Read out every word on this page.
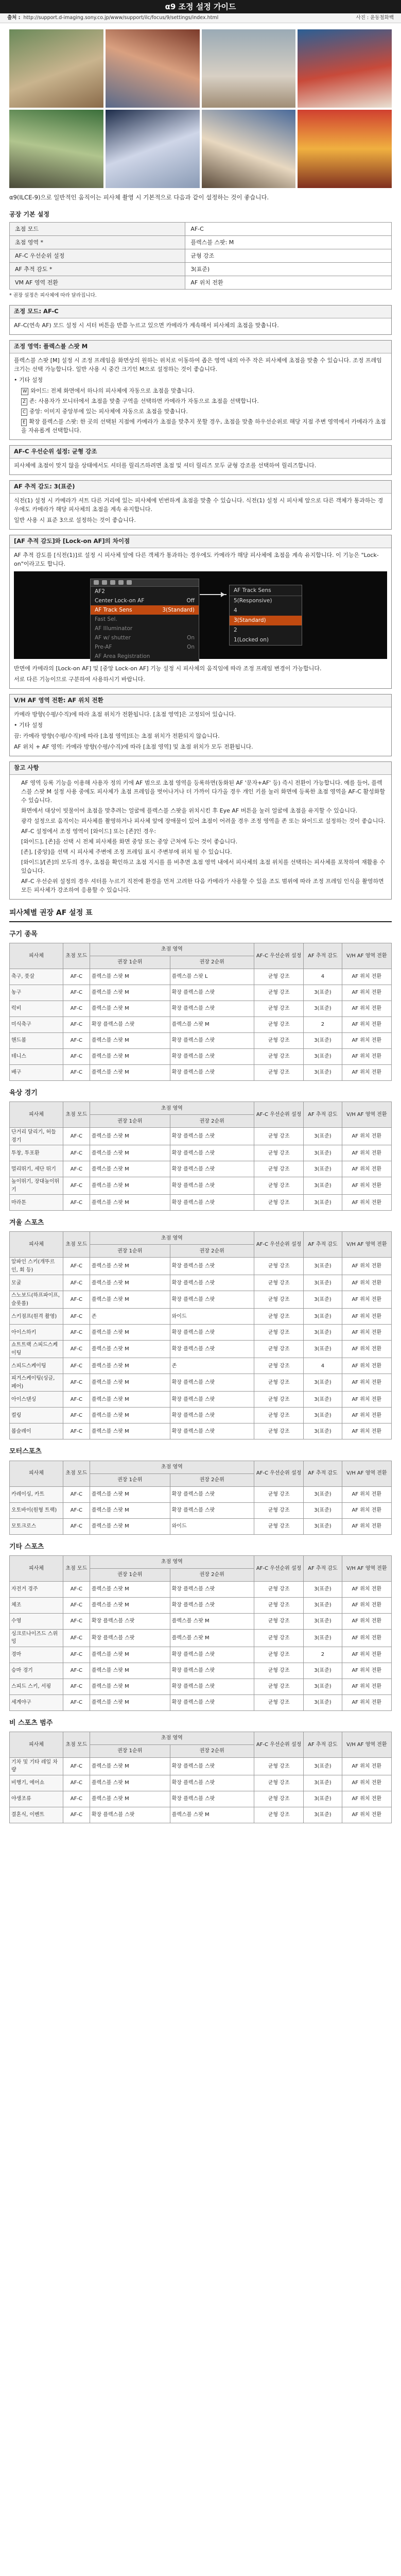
α9 조정 설정 가이드
출처 : http://support.d-imaging.sony.co.jp/www/support/ilc/focus/9/settings/index.html	사진 : 윤동철화백
α9(ILCE-9)으로 일반적인 움직이는 피사체 촬영 시 기본적으로 다음과 같이 설정하는 것이 좋습니다.
공장 기본 설정
초점 모드	AF-C
초점 영역 *	플렉스블 스팟: M
AF-C 우선순위 설정	균형 강조
AF 추적 감도 *	3(표준)
VM AF 영역 전환	AF 위치 전환
* 권장 설정은 피사체에 따라 달라집니다.
조정 모드: AF-C

AF-C(연속 AF) 모드 설정 시 셔터 버튼을 반쯤 누르고 있으면 카메라가 계속해서 피사체의 초점을 맞춥니다.

조정 영역: 플렉스블 스팟 M

플렉스블 스팟 [M] 설정 시 조정 프레임을 화면상의 원하는 위치로 이동하여 좁은 영역 내의 아주 작은 피사체에 초점을 맞출 수 있습니다. 조정 프레임 크기는 선택 가능합니다. 일반 사용 시 중간 크기인 M으로 설정하는 것이 좋습니다.

• 기타 설정

W 와이드: 전체 화면에서 하나의 피사체에 자동으로 초점을 맞춥니다.
Z 존: 사용자가 모니터에서 초점을 맞출 구역을 선택하면 카메라가 자동으로 초점을 선택합니다.
C 중앙: 이미지 중앙부에 있는 피사체에 자동으로 초점을 맞춥니다.
E 확장 플렉스블 스팟: 한 곳의 선택된 지점에 카메라가 초점을 맞추지 못할 경우, 초점을 맞출 하우선순위로 해당 지점 주변 영역에서 카메라가 초점을 자유롭게 선택합니다.
AF-C 우선순위 설정: 균형 강조

피사체에 초점이 맞지 않을 상태에서도 셔터를 릴리즈하려면 초점 및 셔터 릴리즈 모두 균형 강조를 선택하여 릴리즈합니다.

AF 추적 감도: 3(표준)

식전(1) 설정 시 카메라가 셔트 다른 거리에 있는 피사체에 빈번하게 초점을 맞출 수 있습니다. 식전(1) 설정 시 피사체 앞으로 다른 객체가 통과하는 경우에도 카메라가 해당 피사체의 초점을 계속 유지합니다.

일반 사용 시 표준 3으로 설정하는 것이 좋습니다.

[AF 추적 감도]와 [Lock-on AF]의 차이점

AF 추적 감도를 [식전(1)]로 설정 시 피사체 앞에 다른 객체가 통과하는 경우에도 카메라가 해당 피사체에 초점을 계속 유지합니다. 이 기능은 "Lock-on"이라고도 합니다.

AF2
Center Lock-on AF	Off
AF Track Sens	3(Standard)
Fast Sel.
AF Illuminator
AF w/ shutter	On
Pre-AF	On
AF Area Registration
AF Track Sens
5(Responsive)
4
3(Standard)
2
1(Locked on)

반면에 카메라의 [Lock-on AF] 및 [중앙 Lock-on AF] 기능 설정 시 피사체의 움직임에 따라 조정 프레임 변경이 가능합니다.

서로 다른 기능이므로 구분하여 사용하시기 바랍니다.

V/H AF 영역 전환: AF 위치 전환

카메라 방향(수평/수직)에 따라 초점 위치가 전환됩니다. [초점 영역]은 고정되어 있습니다.

• 기타 설정

끔: 카메라 방향(수평/수직)에 따라 [초점 영역]또는 초점 위치가 전환되지 않습니다.

AF 위치 + AF 영역: 카메라 방향(수평/수직)에 따라 [초점 영역] 및 초점 위치가 모두 전환됩니다.

참고 사항
AF 영역 등록 기능을 이용해 사용자 정의 키에 AF 범으로 초점 영역을 등록하면(동화된 AF '문자+AF' 등) 즉시 전환이 가능합니다. 예를 들어, 플렉스블 스팟 M 설정 사용 중에도 피사체가 초점 프레임을 벗어나거나 더 가까이 다가올 경우 개인 키를 눌러 화면에 등록한 초점 영역을 AF-C 활성화할 수 있습니다.
화면에서 대상이 빗물이어 초점을 맞추려는 얼굴에 플렉스블 스팟을 위치시킨 후 Eye AF 버튼을 눌러 얼굴에 초점을 유지할 수 있습니다.
광각 설정으로 움직이는 피사체를 촬영하거나 피사체 앞에 장애물이 있어 초점이 어려울 경우 조정 영역을 존 또는 와이드로 설정하는 것이 좋습니다.
AF-C 설정에서 조정 영역이 [와이드] 또는 [존]인 경우:
[와이드], [존]을 선택 시 전체 피사체를 화면 중앙 또는 중앙 근처에 두는 것이 좋습니다.
[존], [중앙]을 선택 시 피사체 주변에 조정 프레임 표시 주변부에 위치 될 수 있습니다.
[와이드]/[존]의 모두의 경우, 초점을 확인하고 초점 지시를 를 비추면 초점 영역 내에서 피사체의 초점 위치를 선택하는 피사체를 포착하여 재활용 수 있습니다.
AF-C 우선순위 설정의 경우 셔터를 누르기 직전에 환경을 먼저 고려한 다음 카메라가 사용할 수 있을 조도 범위에 따라 조정 프레임 인식을 촬영하면 모든 피사체가 강조하여 응용할 수 있습니다.
피사체별 권장 AF 설정 표
구기 종목
피사체	초점 모드	초점 영역		AF-C 우선순위 설정	AF 추적 감도	V/H AF 영역 전환
		권장 1순위	권장 2순위			
축구, 풋살	AF-C	플렉스블 스팟 M	플렉스블 스팟 L	균형 강조	4	AF 위치 전환
농구	AF-C	플렉스블 스팟 M	확장 플렉스블 스팟	균형 강조	3(표준)	AF 위치 전환
럭비	AF-C	플렉스블 스팟 M	확장 플렉스블 스팟	균형 강조	3(표준)	AF 위치 전환
미식축구	AF-C	확장 플렉스블 스팟	플렉스블 스팟 M	균형 강조	2	AF 위치 전환
핸드볼	AF-C	플렉스블 스팟 M	확장 플렉스블 스팟	균형 강조	3(표준)	AF 위치 전환
테니스	AF-C	플렉스블 스팟 M	확장 플렉스블 스팟	균형 강조	3(표준)	AF 위치 전환
배구	AF-C	플렉스블 스팟 M	확장 플렉스블 스팟	균형 강조	3(표준)	AF 위치 전환
육상 경기
피사체	초점 모드	초점 영역		AF-C 우선순위 설정	AF 추적 감도	V/H AF 영역 전환
		권장 1순위	권장 2순위			
단거리 달리기, 허들 경기	AF-C	플렉스블 스팟 M	확장 플렉스블 스팟	균형 강조	3(표준)	AF 위치 전환
투창, 투포환	AF-C	플렉스블 스팟 M	확장 플렉스블 스팟	균형 강조	3(표준)	AF 위치 전환
멀리뛰기, 세단 뛰기	AF-C	플렉스블 스팟 M	확장 플렉스블 스팟	균형 강조	3(표준)	AF 위치 전환
높이뛰기, 장대높이뛰기	AF-C	플렉스블 스팟 M	확장 플렉스블 스팟	균형 강조	3(표준)	AF 위치 전환
마라톤	AF-C	플렉스블 스팟 M	확장 플렉스블 스팟	균형 강조	3(표준)	AF 위치 전환
겨울 스포츠
피사체	초점 모드	초점 영역		AF-C 우선순위 설정	AF 추적 감도	V/H AF 영역 전환
		권장 1순위	권장 2순위			
알파인 스키(개뚜르 인, 회 등)	AF-C	플렉스블 스팟 M	확장 플렉스블 스팟	균형 강조	3(표준)	AF 위치 전환
모굴	AF-C	플렉스블 스팟 M	확장 플렉스블 스팟	균형 강조	3(표준)	AF 위치 전환
스노보드(하프파이프, 슬롯롤)	AF-C	플렉스블 스팟 M	확장 플렉스블 스팟	균형 강조	3(표준)	AF 위치 전환
스키점프(원격 촬영)	AF-C	존	와이드	균형 강조	3(표준)	AF 위치 전환
아이스하키	AF-C	플렉스블 스팟 M	확장 플렉스블 스팟	균형 강조	3(표준)	AF 위치 전환
쇼트트랙 스피드스케이팅	AF-C	플렉스블 스팟 M	확장 플렉스블 스팟	균형 강조	3(표준)	AF 위치 전환
스피드스케이팅	AF-C	플렉스블 스팟 M	존	균형 강조	4	AF 위치 전환
피겨스케이팅(싱글, 페어)	AF-C	플렉스블 스팟 M	확장 플렉스블 스팟	균형 강조	3(표준)	AF 위치 전환
아이스댄싱	AF-C	플렉스블 스팟 M	확장 플렉스블 스팟	균형 강조	3(표준)	AF 위치 전환
컬링	AF-C	플렉스블 스팟 M	확장 플렉스블 스팟	균형 강조	3(표준)	AF 위치 전환
봅슬레이	AF-C	플렉스블 스팟 M	확장 플렉스블 스팟	균형 강조	3(표준)	AF 위치 전환
모터스포츠
피사체	초점 모드	초점 영역		AF-C 우선순위 설정	AF 추적 감도	V/H AF 영역 전환
		권장 1순위	권장 2순위			
카레이싱, 카트	AF-C	플렉스블 스팟 M	확장 플렉스블 스팟	균형 강조	3(표준)	AF 위치 전환
오토바이(원형 트랙)	AF-C	플렉스블 스팟 M	확장 플렉스블 스팟	균형 강조	3(표준)	AF 위치 전환
모토크로스	AF-C	플렉스블 스팟 M	와이드	균형 강조	3(표준)	AF 위치 전환
기타 스포츠
피사체	초점 모드	초점 영역		AF-C 우선순위 설정	AF 추적 감도	V/H AF 영역 전환
		권장 1순위	권장 2순위			
자전거 경주	AF-C	플렉스블 스팟 M	확장 플렉스블 스팟	균형 강조	3(표준)	AF 위치 전환
체조	AF-C	플렉스블 스팟 M	확장 플렉스블 스팟	균형 강조	3(표준)	AF 위치 전환
수영	AF-C	확장 플렉스블 스팟	플렉스블 스팟 M	균형 강조	3(표준)	AF 위치 전환
싱크로나이즈드 스위밍	AF-C	확장 플렉스블 스팟	플렉스블 스팟 M	균형 강조	3(표준)	AF 위치 전환
경마	AF-C	플렉스블 스팟 M	확장 플렉스블 스팟	균형 강조	2	AF 위치 전환
승마 경기	AF-C	플렉스블 스팟 M	확장 플렉스블 스팟	균형 강조	3(표준)	AF 위치 전환
스피드 스키, 서핑	AF-C	플렉스블 스팟 M	확장 플렉스블 스팟	균형 강조	3(표준)	AF 위치 전환
세계야구	AF-C	플렉스블 스팟 M	확장 플렉스블 스팟	균형 강조	3(표준)	AF 위치 전환
비 스포츠 범주
피사체	초점 모드	초점 영역		AF-C 우선순위 설정	AF 추적 감도	V/H AF 영역 전환
		권장 1순위	권장 2순위			
기차 및 기타 레일 차량	AF-C	플렉스블 스팟 M	확장 플렉스블 스팟	균형 강조	3(표준)	AF 위치 전환
비행기, 에어쇼	AF-C	플렉스블 스팟 M	확장 플렉스블 스팟	균형 강조	3(표준)	AF 위치 전환
야생조류	AF-C	플렉스블 스팟 M	확장 플렉스블 스팟	균형 강조	3(표준)	AF 위치 전환
결혼식, 이벤트	AF-C	확장 플렉스블 스팟	플렉스블 스팟 M	균형 강조	3(표준)	AF 위치 전환
